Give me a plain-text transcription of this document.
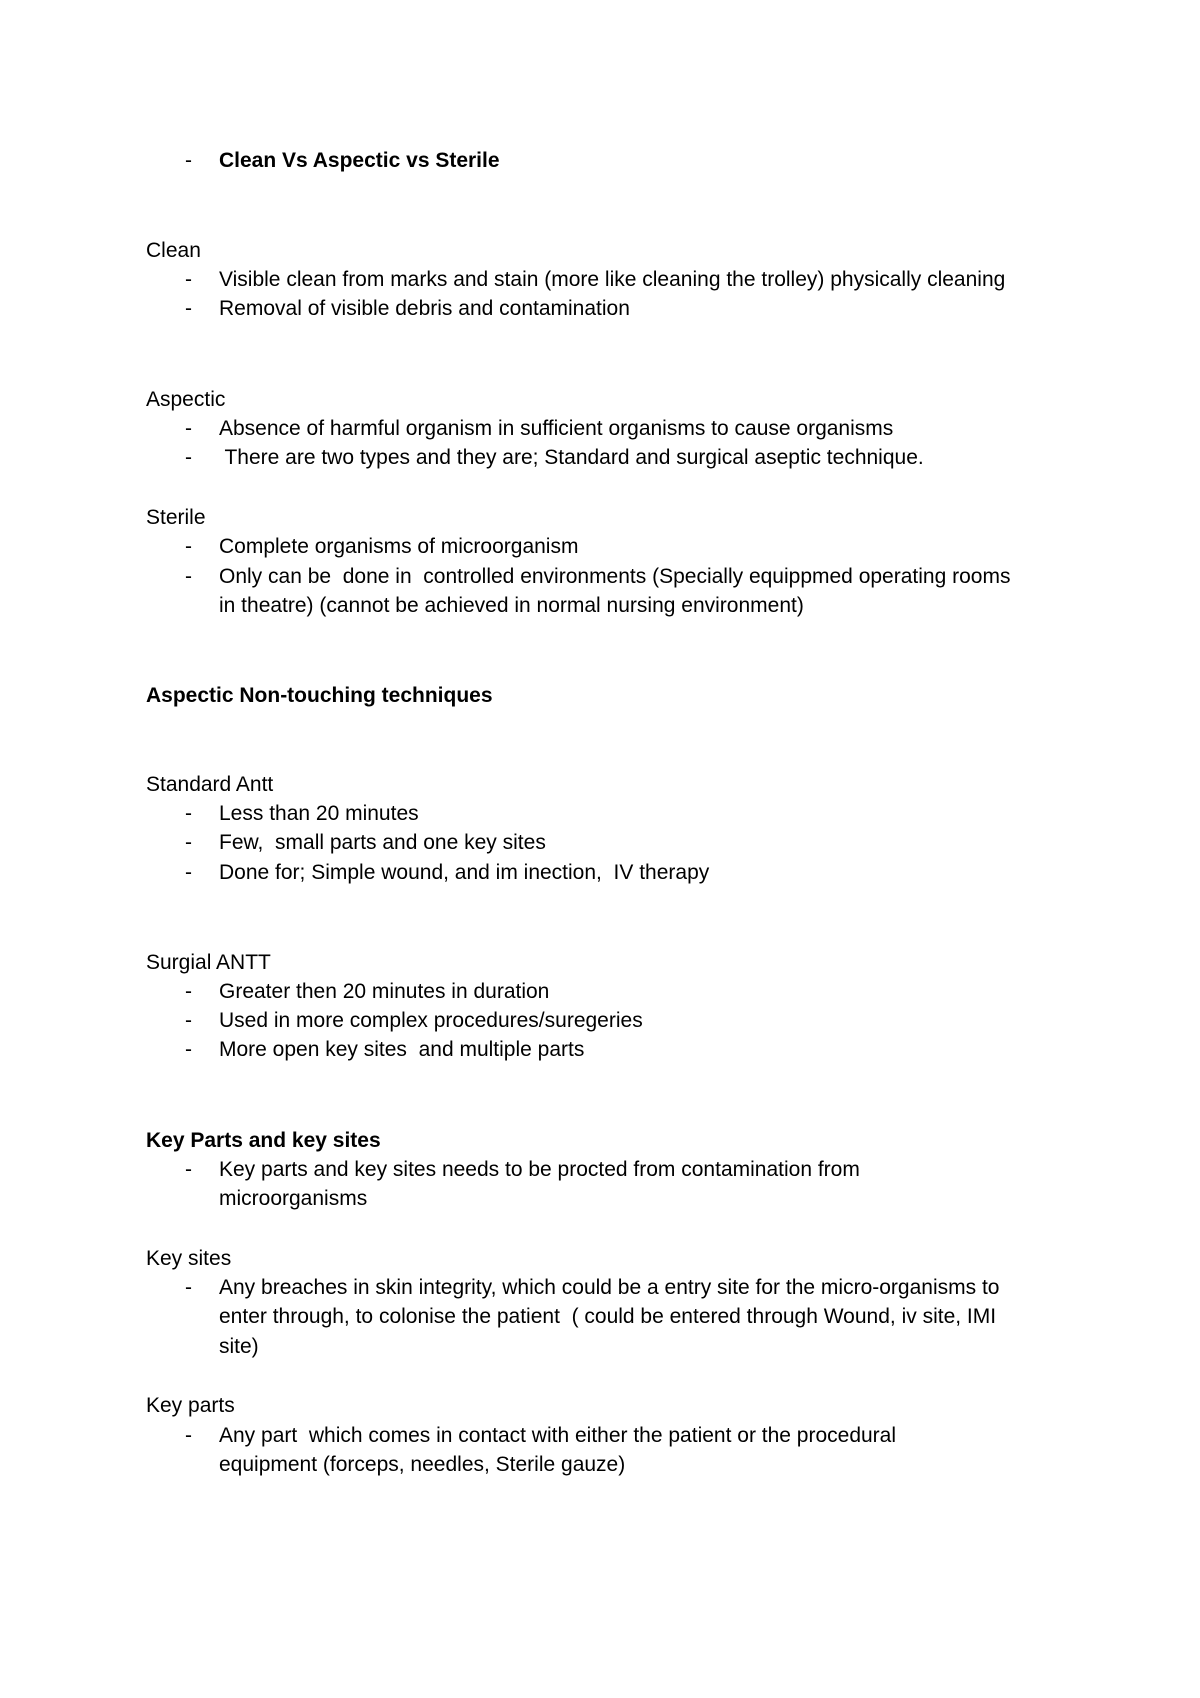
- Clean Vs Aspectic vs Sterile
Clean
- Visible clean from marks and stain (more like cleaning the trolley) physically cleaning
- Removal of visible debris and contamination
Aspectic
- Absence of harmful organism in sufficient organisms to cause organisms
- There are two types and they are; Standard and surgical aseptic technique.
Sterile
- Complete organisms of microorganism
- Only can be  done in  controlled environments (Specially equippmed operating rooms
in theatre) (cannot be achieved in normal nursing environment)
Aspectic Non-touching techniques
Standard Antt
- Less than 20 minutes
- Few,  small parts and one key sites
- Done for; Simple wound, and im inection,  IV therapy
Surgial ANTT
- Greater then 20 minutes in duration
- Used in more complex procedures/suregeries
- More open key sites  and multiple parts
Key Parts and key sites
- Key parts and key sites needs to be procted from contamination from
microorganisms
Key sites
- Any breaches in skin integrity, which could be a entry site for the micro-organisms to
enter through, to colonise the patient  ( could be entered through Wound, iv site, IMI
site)
Key parts
- Any part  which comes in contact with either the patient or the procedural
equipment (forceps, needles, Sterile gauze)
